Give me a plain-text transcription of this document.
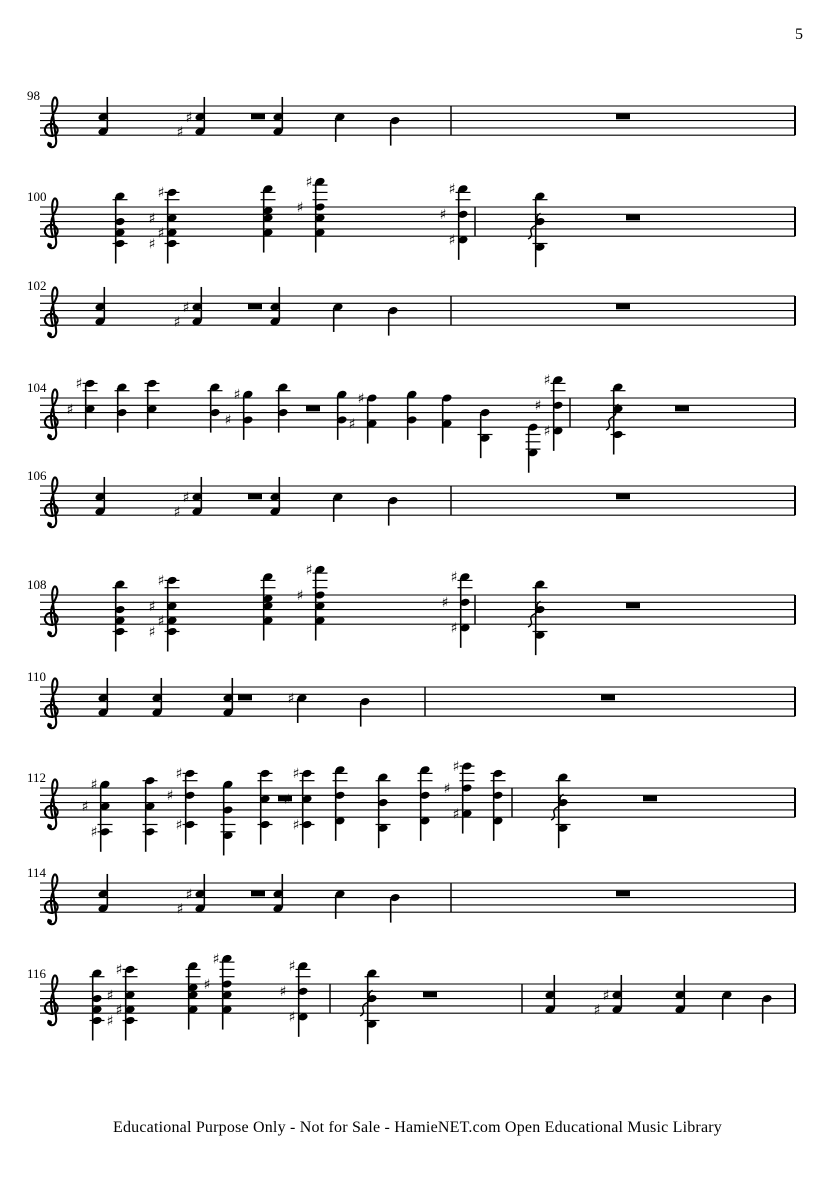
5
98
♯
♯
100	♯
♯
♯
♯
♯
♯
♯
♯
♯
102
♯
♯
104 ♯
♯
♯
♯
♯
♯
♯
♯
♯
106
♯
♯
108	♯
♯
♯
♯
♯
♯
♯
♯
♯
110
♯
112	♯
♯
♯
♯
♯
♯
♯
♯
♯
♯
♯
♯
114
♯
♯
116	♯
♯
♯
♯
♯
♯
♯
♯
♯
♯
♯
Educational Purpose Only - Not for Sale - HamieNET.com Open Educational Music Library
